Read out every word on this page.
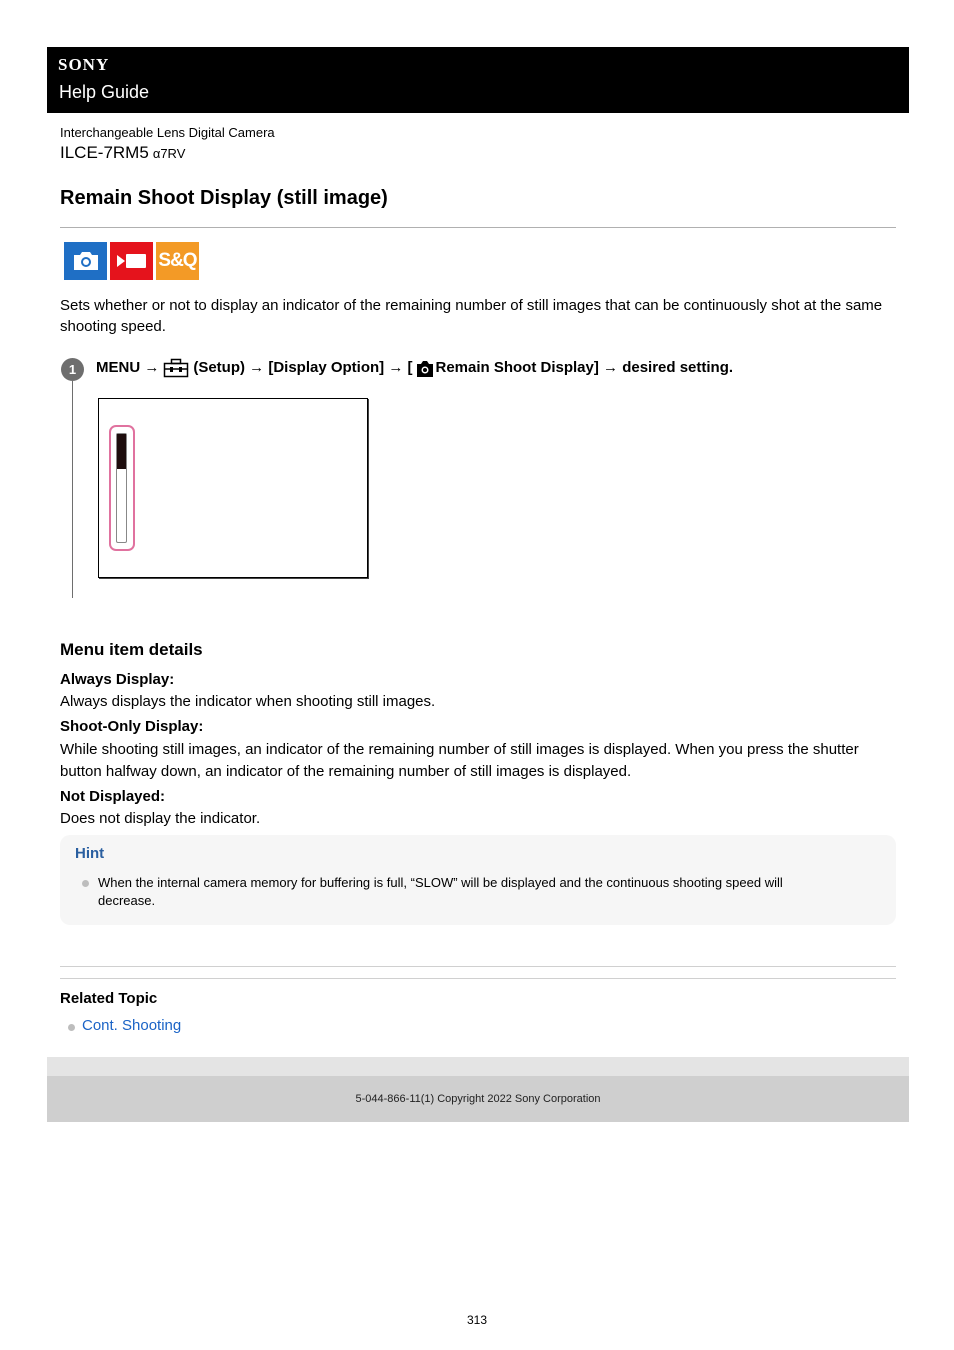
SONY
Help Guide
Interchangeable Lens Digital Camera
ILCE-7RM5 α7RV
Remain Shoot Display (still image)
S&Q

Sets whether or not to display an indicator of the remaining number of still images that can be continuously shot at the same shooting speed.

1	MENU → (Setup) → [Display Option] → [ Remain Shoot Display] → desired setting.
Menu item details
Always Display:
Always displays the indicator when shooting still images.
Shoot-Only Display:
While shooting still images, an indicator of the remaining number of still images is displayed. When you press the shutter button halfway down, an indicator of the remaining number of still images is displayed.
Not Displayed:
Does not display the indicator.
Hint
When the internal camera memory for buffering is full, “SLOW” will be displayed and the continuous shooting speed will decrease.
Related Topic
Cont. Shooting
5-044-866-11(1) Copyright 2022 Sony Corporation
313
